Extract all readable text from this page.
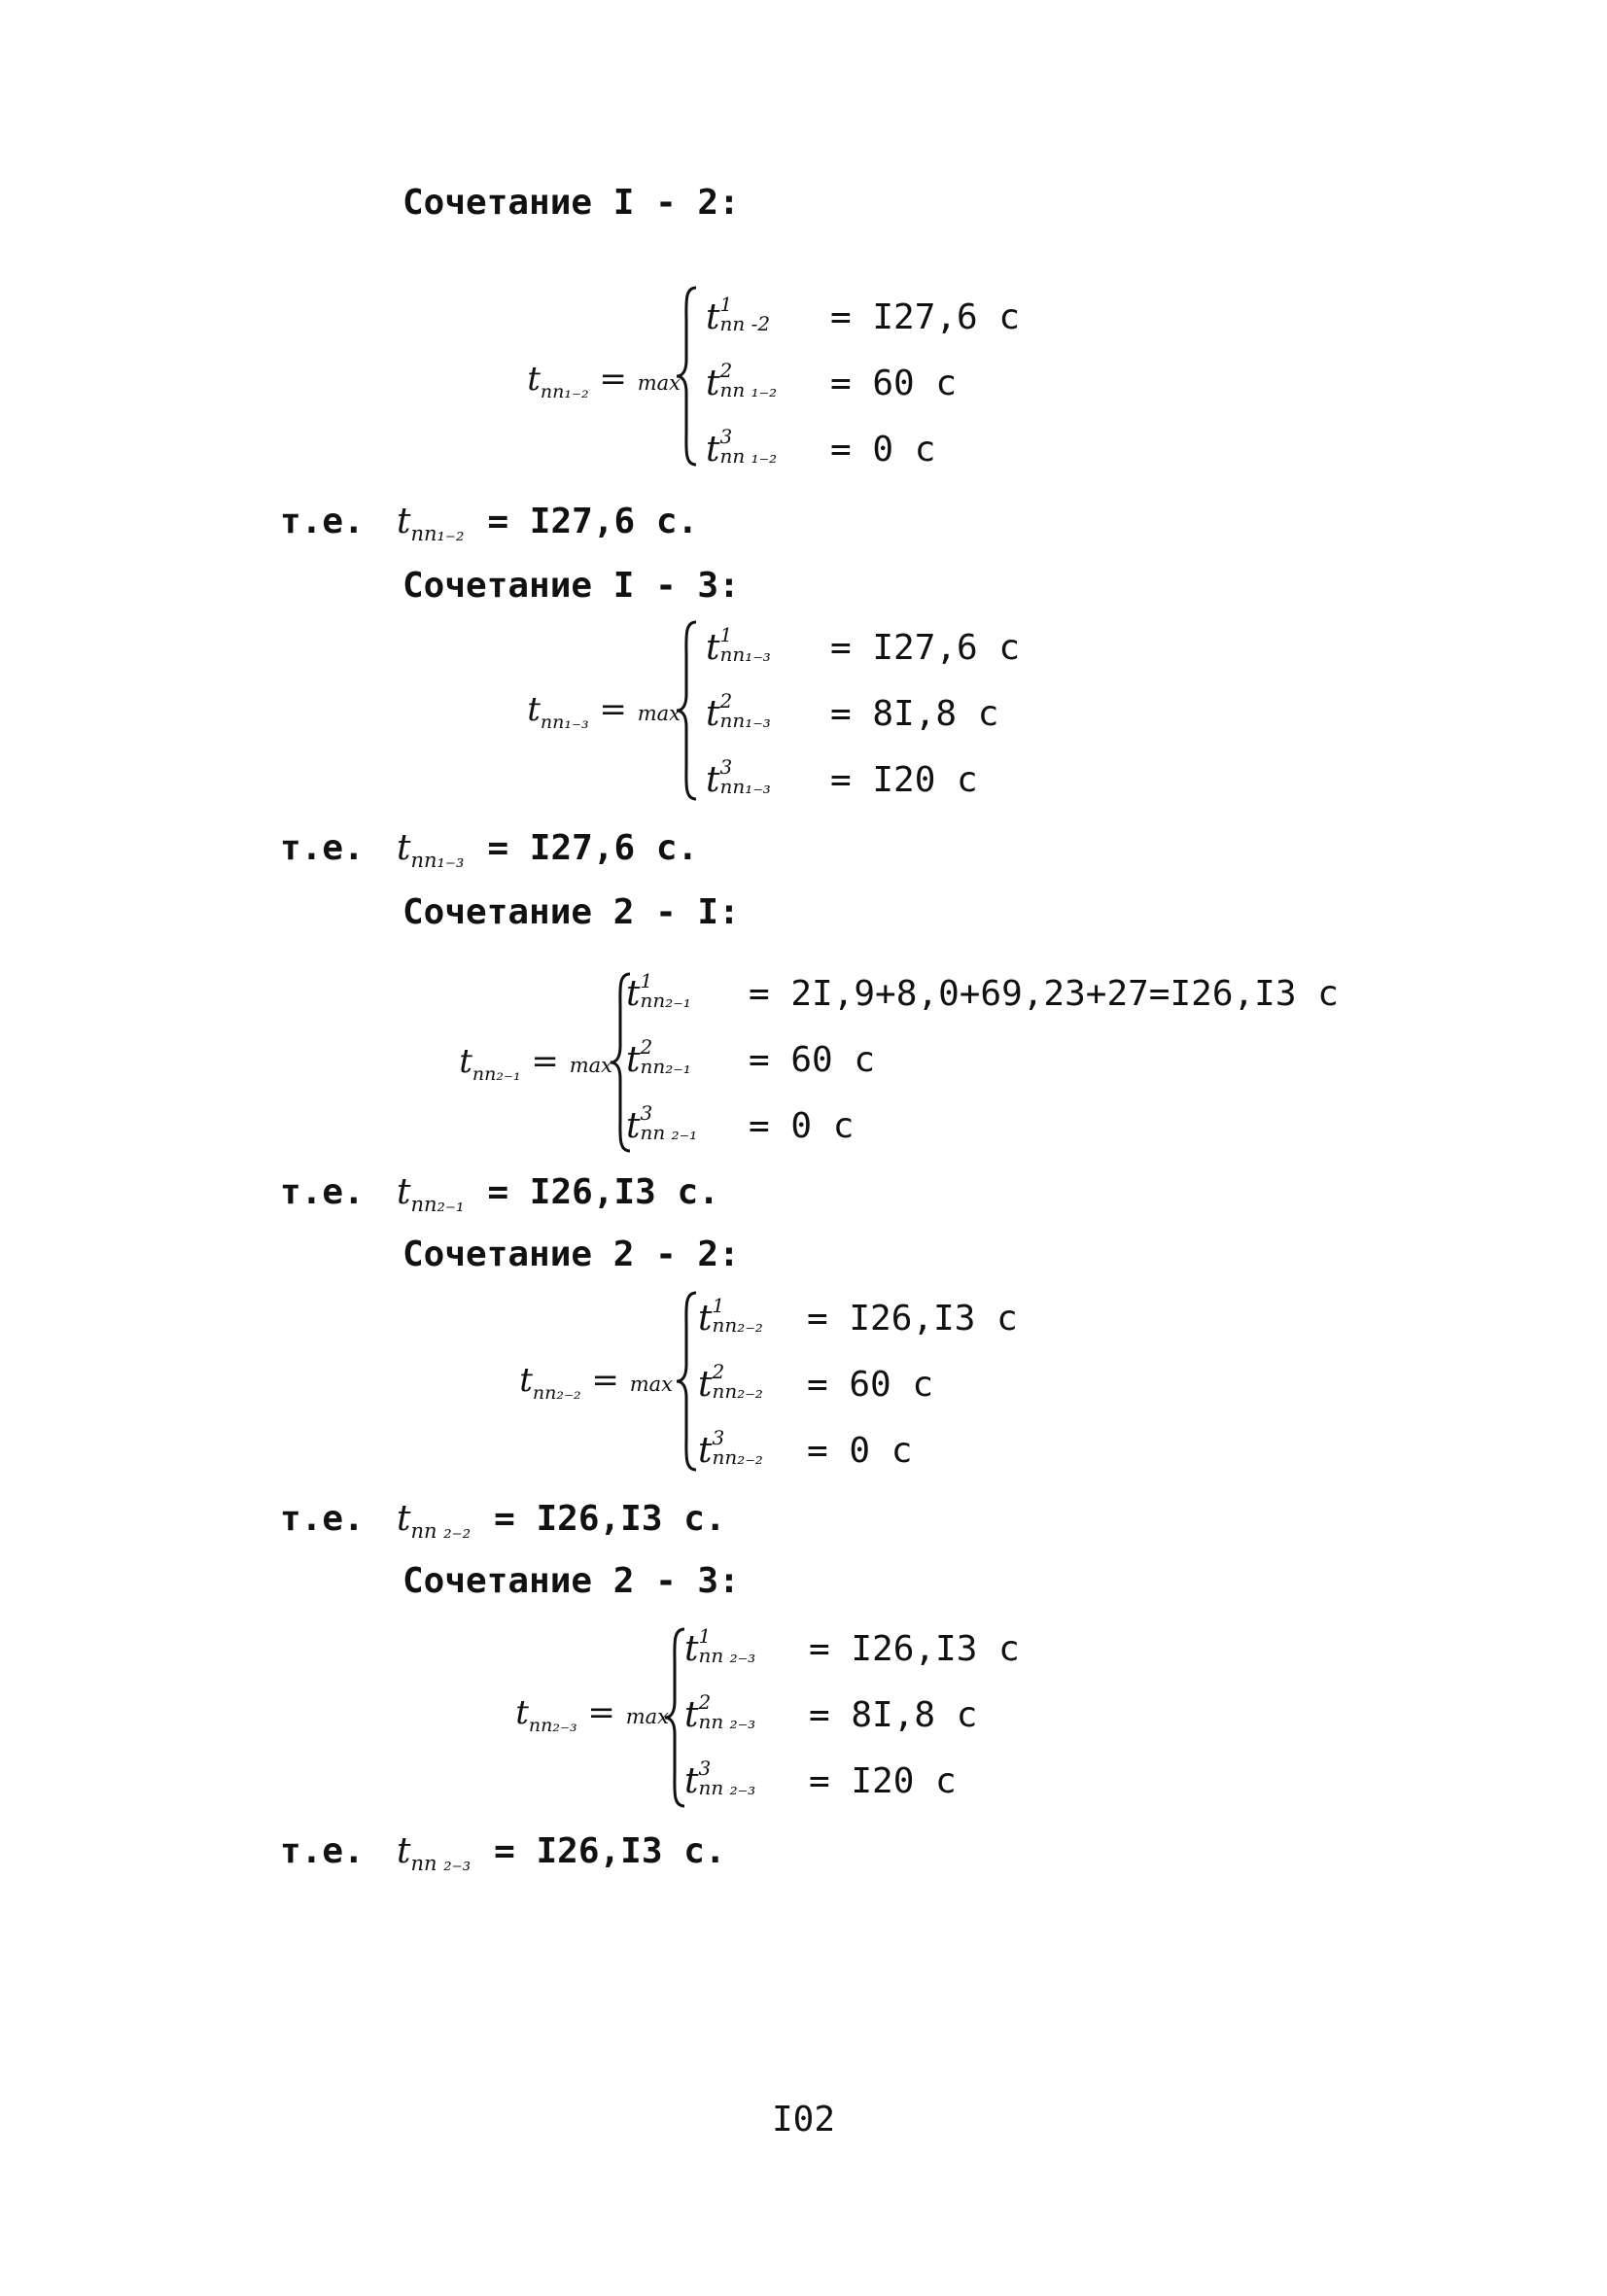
Сочетание I - 2:
$t_{пп_{1-2}} = \max$
t 1
пп -2 = I27,6 с
t 2
пп ₁₋₂ = 60 с
t 3
пп ₁₋₂ = 0 с
т.е. $t_{пп_{1-2}} = I27,6$ с.
Сочетание I - 3:
$t_{пп_{1-3}} = \max$
t 1
пп₁₋₃ = I27,6 с
t 2
пп₁₋₃ = 8I,8 с
t 3
пп₁₋₃ = I20 с
т.е. $t_{пп_{1-3}} = I27,6$ с.
Сочетание 2 - I:
$t_{пп_{2-1}} = \max$
t 1
пп₂₋₁ = 2I,9+8,0+69,23+27=I26,I3 с
t 2
пп₂₋₁ = 60 с
t 3
пп ₂₋₁ = 0 с
т.е. $t_{пп_{2-1}} = I26,I3$ с.
Сочетание 2 - 2:
$t_{пп_{2-2}} = \max$
t 1
пп₂₋₂ = I26,I3 с
t 2
пп₂₋₂ = 60 с
t 3
пп₂₋₂ = 0 с
т.е. $t_{пп _{2-2}} = I26,I3$ с.
Сочетание 2 - 3:
$t_{пп_{2-3}} = \max$
t 1
пп ₂₋₃ = I26,I3 с
t 2
пп ₂₋₃ = 8I,8 с
t 3
пп ₂₋₃ = I20 с
т.е. $t_{пп _{2-3}} = I26,I3$ с.
I02
